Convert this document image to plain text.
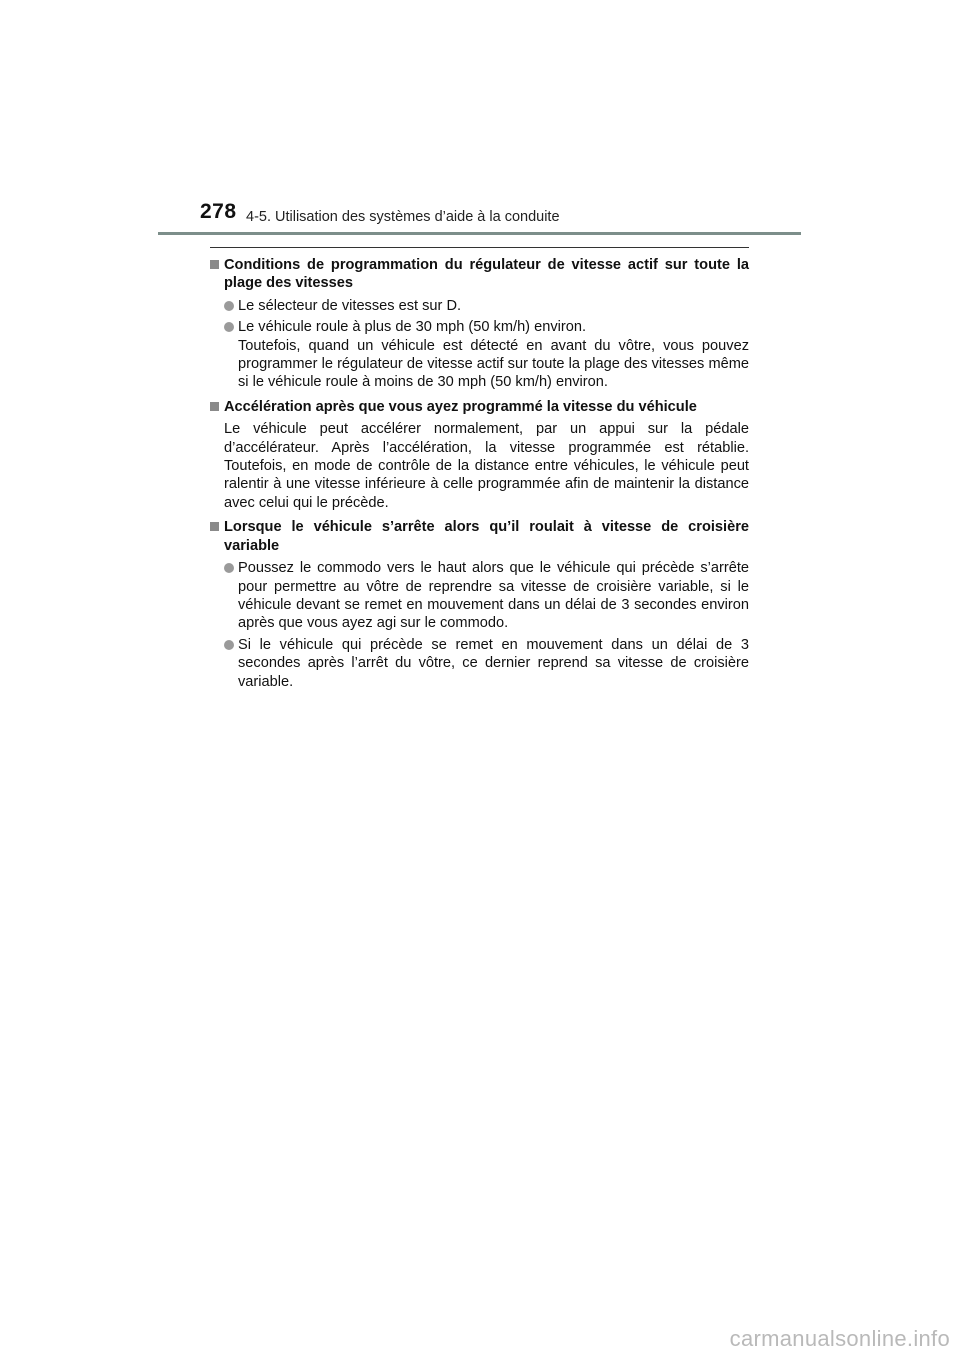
278 4-5. Utilisation des systèmes d’aide à la conduite
Conditions de programmation du régulateur de vitesse actif sur toute la plage des vitesses
Le sélecteur de vitesses est sur D.
Le véhicule roule à plus de 30 mph (50 km/h) environ.
Toutefois, quand un véhicule est détecté en avant du vôtre, vous pouvez programmer le régulateur de vitesse actif sur toute la plage des vitesses même si le véhicule roule à moins de 30 mph (50 km/h) environ.
Accélération après que vous ayez programmé la vitesse du véhicule
Le véhicule peut accélérer normalement, par un appui sur la pédale d’accélérateur. Après l’accélération, la vitesse programmée est rétablie. Toutefois, en mode de contrôle de la distance entre véhicules, le véhicule peut ralentir à une vitesse inférieure à celle programmée afin de maintenir la distance avec celui qui le précède.
Lorsque le véhicule s’arrête alors qu’il roulait à vitesse de croisière variable
Poussez le commodo vers le haut alors que le véhicule qui précède s’arrête pour permettre au vôtre de reprendre sa vitesse de croisière variable, si le véhicule devant se remet en mouvement dans un délai de 3 secondes environ après que vous ayez agi sur le commodo.
Si le véhicule qui précède se remet en mouvement dans un délai de 3 secondes après l’arrêt du vôtre, ce dernier reprend sa vitesse de croisière variable.
carmanualsonline.info
